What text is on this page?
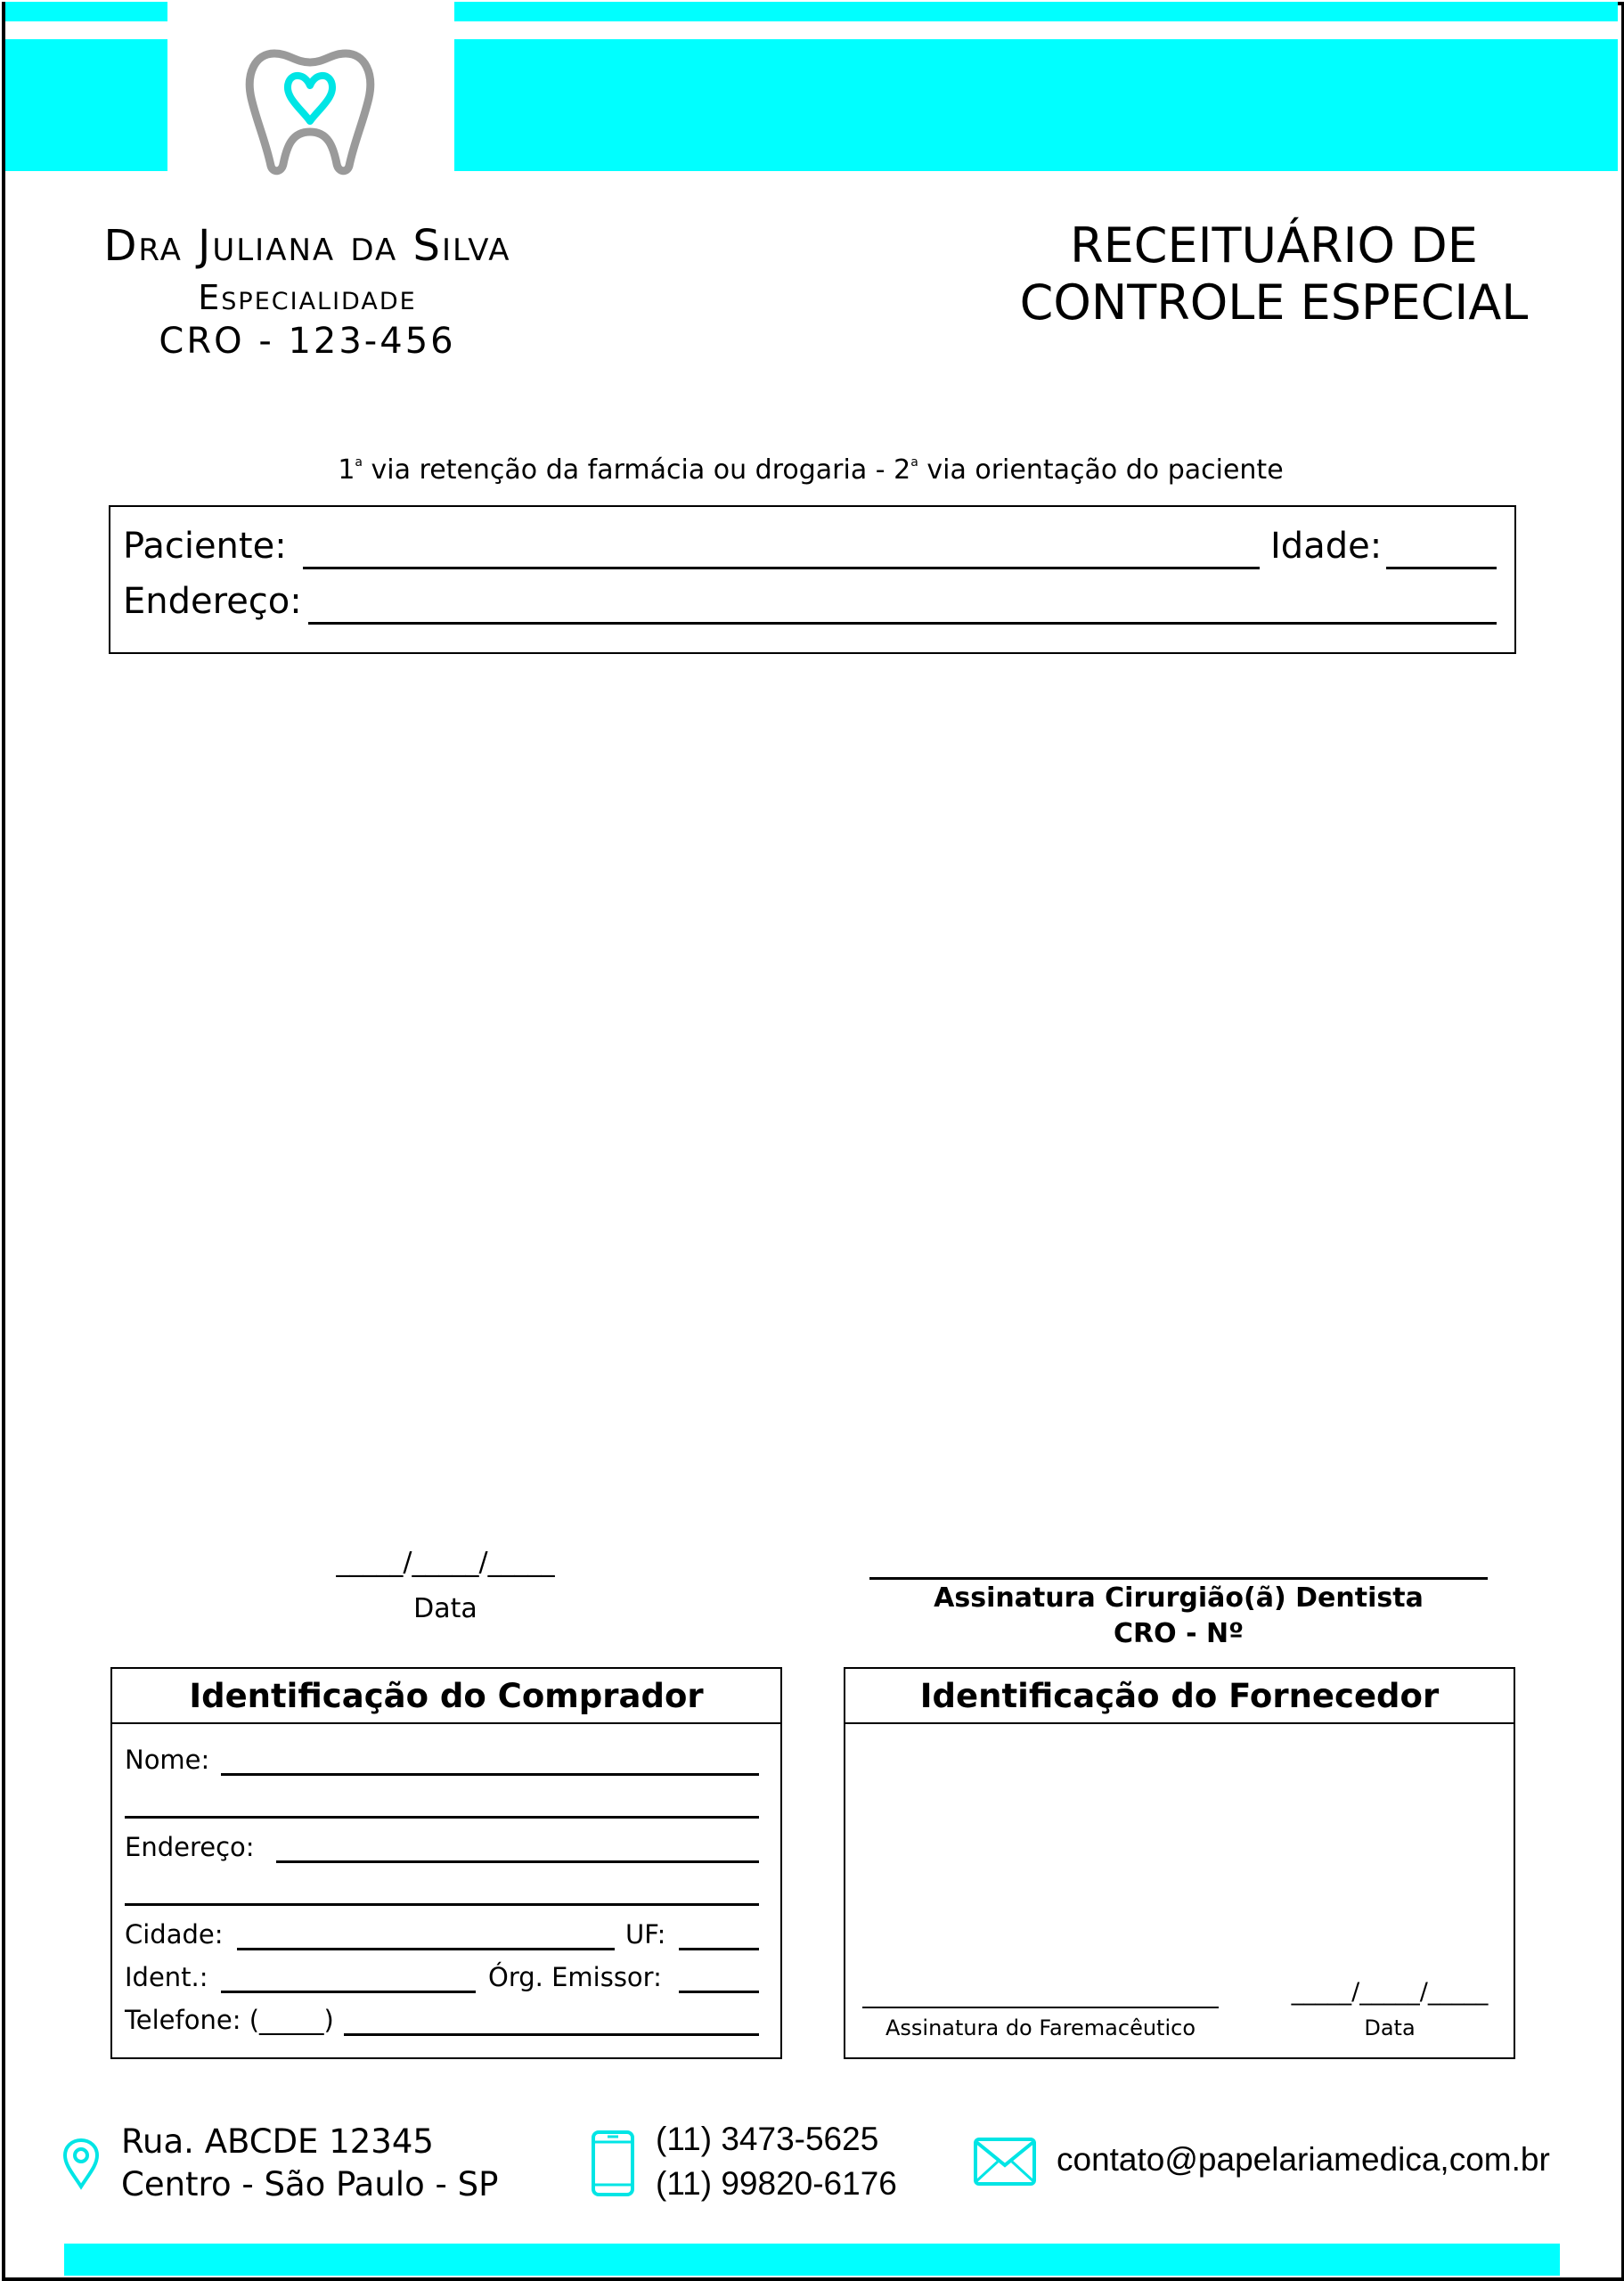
Dra Juliana da Silva
Especialidade
CRO - 123-456
RECEITUÁRIO DE
CONTROLE ESPECIAL
1$^a$ via retenção da farmácia ou drogaria - 2$^a$ via orientação do paciente
Paciente:	Idade:
Endereço:
_____/_____/_____
Data	Assinatura Cirurgião(ã) Dentista
CRO - Nº
Identificação do Comprador
Nome:
Endereço:
Cidade:	UF:
Ident.:	Órg. Emissor:
Telefone: (_____)
Identificação do Fornecedor
Assinatura do Faremacêutico
_____/_____/_____
Data
Rua. ABCDE 12345
Centro - São Paulo - SP
(11) 3473-5625
(11) 99820-6176
contato@papelariamedica,com.br
